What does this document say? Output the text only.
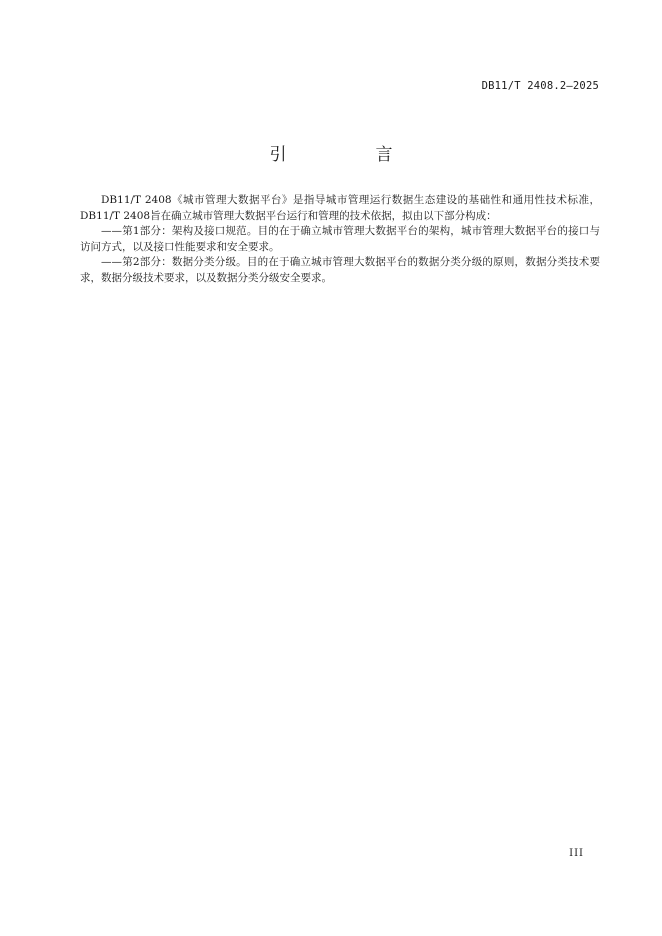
DB11/T 2408.2—2025
引　言

DB11/T 2408《城市管理大数据平台》是指导城市管理运行数据生态建设的基础性和通用性技术标准，DB11/T 2408旨在确立城市管理大数据平台运行和管理的技术依据，拟由以下部分构成：

——第1部分：架构及接口规范。目的在于确立城市管理大数据平台的架构，城市管理大数据平台的接口与访问方式，以及接口性能要求和安全要求。

——第2部分：数据分类分级。目的在于确立城市管理大数据平台的数据分类分级的原则，数据分类技术要求，数据分级技术要求，以及数据分类分级安全要求。

III
